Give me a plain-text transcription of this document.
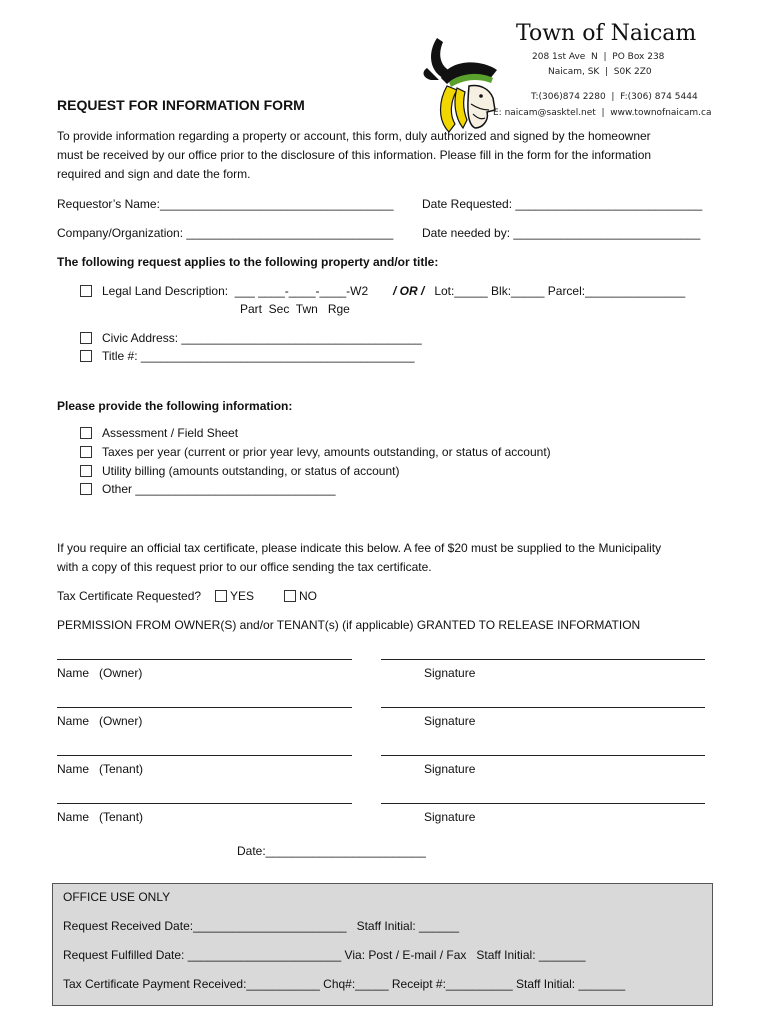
Town of Naicam
208 1st Ave  N  |  PO Box 238
Naicam, SK  |  S0K 2Z0
T:(306)874 2280  |  F:(306) 874 5444
E: naicam@sasktel.net  |  www.townofnaicam.ca
REQUEST FOR INFORMATION FORM
To provide information regarding a property or account, this form, duly authorized and signed by the homeowner
must be received by our office prior to the disclosure of this information. Please fill in the form for the information
required and sign and date the form.
Requestor’s Name:___________________________________ Date Requested: ____________________________
Company/Organization: _______________________________ Date needed by: ____________________________
The following request applies to the following property and/or title:
Legal Land Description:  ___ ____-____-____-W2 / OR / Lot:_____ Blk:_____ Parcel:_______________
Part  Sec  Twn   Rge
Civic Address: ____________________________________
Title #: _________________________________________
Please provide the following information:
Assessment / Field Sheet
Taxes per year (current or prior year levy, amounts outstanding, or status of account)
Utility billing (amounts outstanding, or status of account)
Other ______________________________
If you require an official tax certificate, please indicate this below. A fee of $20 must be supplied to the Municipality
with a copy of this request prior to our office sending the tax certificate.
Tax Certificate Requested? YES	NO
PERMISSION FROM OWNER(S) and/or TENANT(s) (if applicable) GRANTED TO RELEASE INFORMATION
Name   (Owner)	Signature
Name   (Owner)	Signature
Name   (Tenant)	Signature
Name   (Tenant)	Signature
Date:________________________
OFFICE USE ONLY
Request Received Date:_______________________   Staff Initial: ______
Request Fulfilled Date: _______________________ Via: Post / E-mail / Fax   Staff Initial: _______
Tax Certificate Payment Received:___________ Chq#:_____ Receipt #:__________ Staff Initial: _______
